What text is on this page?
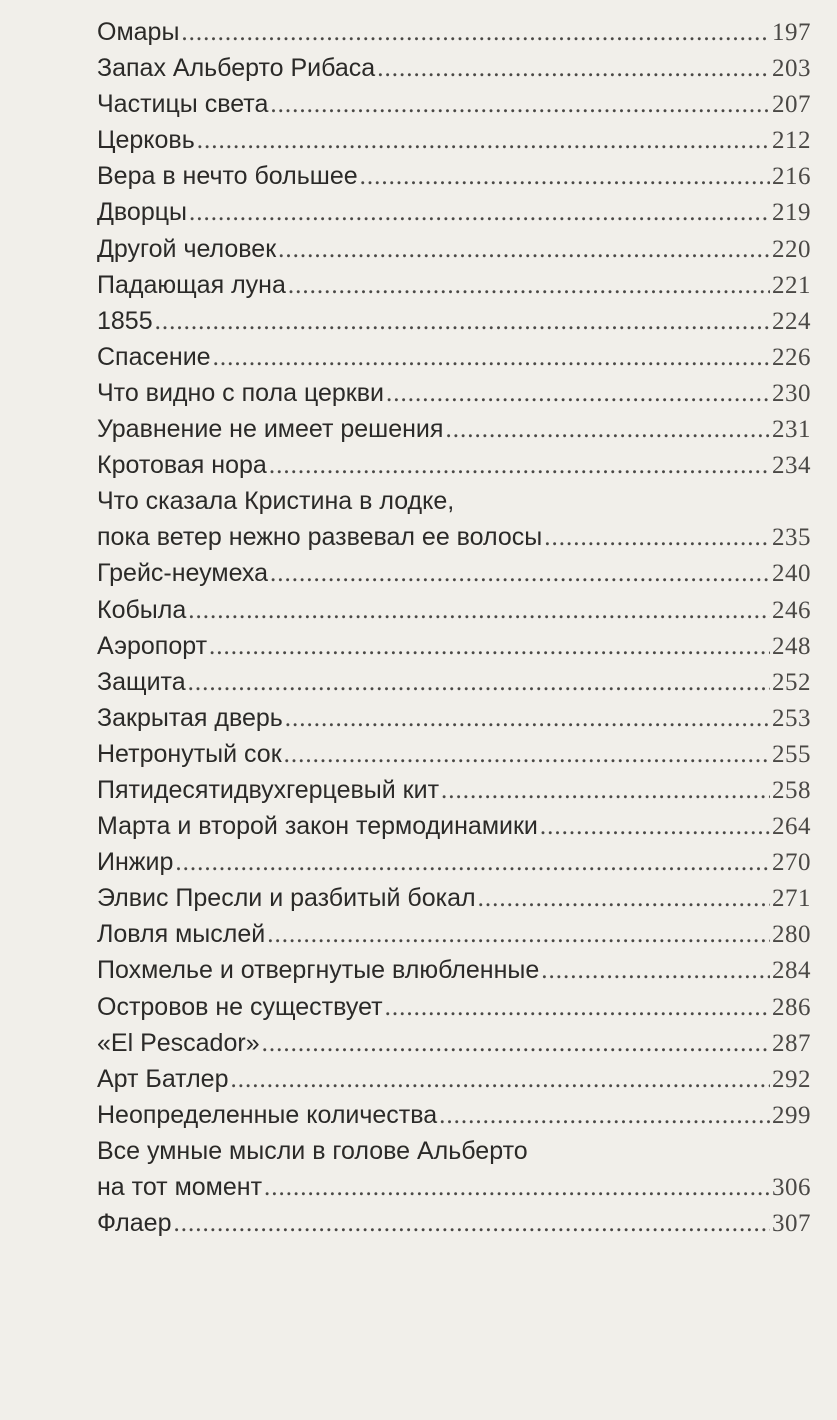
Омары .....	197
Запах Альберто Рибаса .....	203
Частицы света .....	207
Церковь .....	212
Вера в нечто большее .....	216
Дворцы .....	219
Другой человек .....	220
Падающая луна .....	221
1855 .....	224
Спасение .....	226
Что видно с пола церкви .....	230
Уравнение не имеет решения .....	231
Кротовая нора .....	234
Что сказала Кристина в лодке,
пока ветер нежно развевал ее волосы .....	235
Грейс-неумеха .....	240
Кобыла .....	246
Аэропорт .....	248
Защита .....	252
Закрытая дверь .....	253
Нетронутый сок .....	255
Пятидесятидвухгерцевый кит .....	258
Марта и второй закон термодинамики .....	264
Инжир .....	270
Элвис Пресли и разбитый бокал .....	271
Ловля мыслей .....	280
Похмелье и отвергнутые влюбленные .....	284
Островов не существует .....	286
«El Pescador» .....	287
Арт Батлер .....	292
Неопределенные количества .....	299
Все умные мысли в голове Альберто
на тот момент .....	306
Флаер .....	307
